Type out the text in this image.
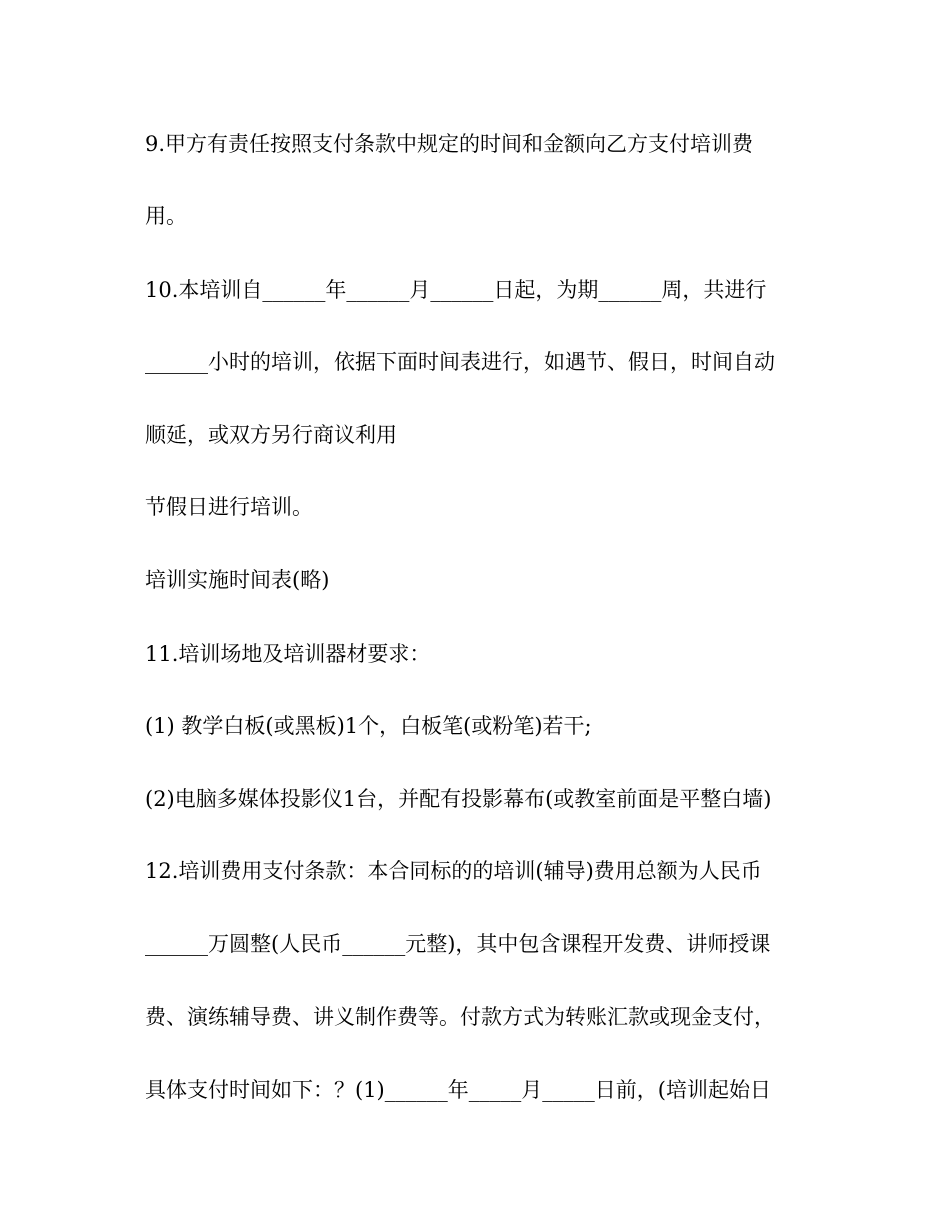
9.甲方有责任按照支付条款中规定的时间和金额向乙方支付培训费
用。
10.本培训自______年______月______日起，为期______周，共进行
______小时的培训，依据下面时间表进行，如遇节、假日，时间自动
顺延，或双方另行商议利用
节假日进行培训。
培训实施时间表(略)
11.培训场地及培训器材要求：
(1) 教学白板(或黑板)1个，白板笔(或粉笔)若干;
(2)电脑多媒体投影仪1台，并配有投影幕布(或教室前面是平整白墙)
12.培训费用支付条款：本合同标的的培训(辅导)费用总额为人民币
______万圆整(人民币______元整)，其中包含课程开发费、讲师授课
费、演练辅导费、讲义制作费等。付款方式为转账汇款或现金支付，
具体支付时间如下：？(1)______年_____月_____日前，(培训起始日
